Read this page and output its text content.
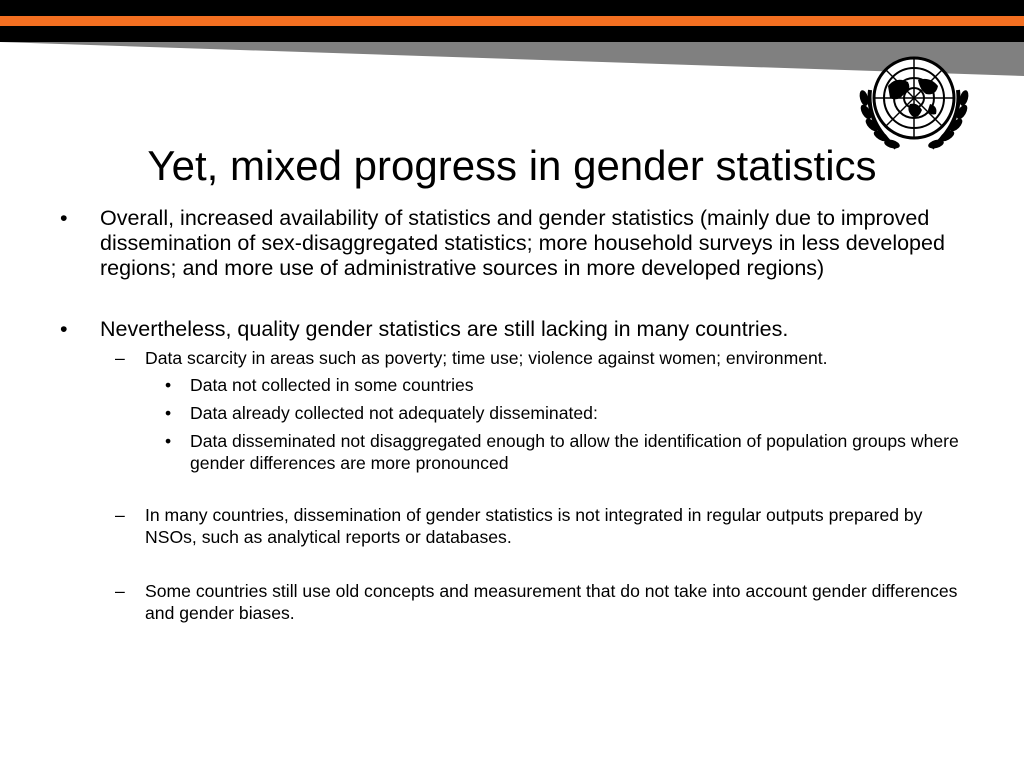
Yet, mixed progress in gender statistics
• Overall, increased availability of statistics and gender statistics (mainly due to improved dissemination of sex-disaggregated statistics; more household surveys in less developed regions; and more use of administrative sources in more developed regions)
• Nevertheless, quality gender statistics are still lacking in many countries.
– Data scarcity in areas such as poverty; time use; violence against women; environment.
• Data not collected in some countries
• Data already collected not adequately disseminated:
• Data disseminated not disaggregated enough to allow the identification of population groups where gender differences are more pronounced
– In many countries, dissemination of gender statistics is not integrated in regular outputs prepared by NSOs, such as analytical reports or databases.
– Some countries still use old concepts and measurement that do not take into account gender differences and gender biases.
